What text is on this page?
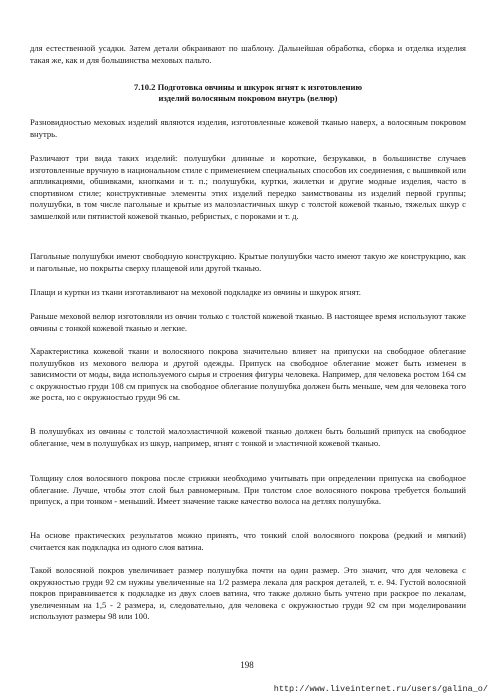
для естественной усадки. Затем детали обкраивают по шаблону. Дальнейшая обработка, сборка и отделка изделия такая же, как и для большинства меховых пальто.

7.10.2 Подготовка овчины и шкурок ягнят к изготовлению
изделий волосяным покровом внутрь (велюр)

Разновидностью меховых изделий являются изделия, изготовленные кожевой тканью наверх, а волосяным покровом внутрь.

Различают три вида таких изделий: полушубки длинные и короткие, безрукавки, в большинстве случаев изготовленные вручную в национальном стиле с применением специальных способов их соединения, с вышивкой или аппликациями, обшивками, кнопками и т. п.; полушубки, куртки, жилетки и другие модные изделия, часто в спортивном стиле; конструктивные элементы этих изделий передко заимствованы из изделий первой группы; полушубки, в том числе пагольные и крытые из малоэластичных шкур с толстой кожевой тканью, тяжелых шкур с замшелкой или пятнистой кожевой тканью, ребристых, с пороками и т. д.

Пагольные полушубки имеют свободную конструкцию. Крытые полушубки часто имеют такую же конструкцию, как и пагольные, но покрыты сверху плащевой или другой тканью.

Плащи и куртки из ткани изготавливают на меховой подкладке из овчины и шкурок ягнят.

Раньше меховой велюр изготовляли из овчин только с толстой кожевой тканью. В настоящее время используют также овчины с тонкой кожевой тканью и легкие.

Характеристика кожевой ткани и волосяного покрова значительно влияет на припуски на свободное облегание полушубков из мехового велюра и другой одежды. Припуск на свободное облегание может быть изменен в зависимости от моды, вида используемого сырья и строения фигуры человека. Например, для человека ростом 164 см с окружностью груди 108 см припуск на свободное облегание полушубка должен быть меньше, чем для человека того же роста, но с окружностью груди 96 см.

В полушубках из овчины с толстой малоэластичной кожевой тканью должен быть больший припуск на свободное облегание, чем в полушубках из шкур, например, ягнят с тонкой и эластичной кожевой тканью.

Толщину слоя волосяного покрова после стрижки необходимо учитывать при определении припуска на свободное облегание. Лучше, чтобы этот слой был равномерным. При толстом слое волосяного покрова требуется больший припуск, а при тонком - меньший. Имеет значение также качество волоса на детлях полушубка.

На основе практических результатов можно принять, что тонкий слой волосяного покрова (редкий и мягкий) считается как подкладка из одного слоя ватина.

Такой волосяной покров увеличивает размер полушубка почти на один размер. Это значит, что для человека с окружностью груди 92 см нужны увеличенные на 1/2 размера лекала для раскроя деталей, т. е. 94. Густой волосяной покров приравнивается к подкладке из двух слоев ватина, что также должно быть учтено при раскрое по лекалам, увеличенным на 1,5 - 2 размера, и, следовательно, для человека с окружностью груди 92 см при моделировании используют размеры 98 или 100.

198
http://www.liveinternet.ru/users/galina_o/
